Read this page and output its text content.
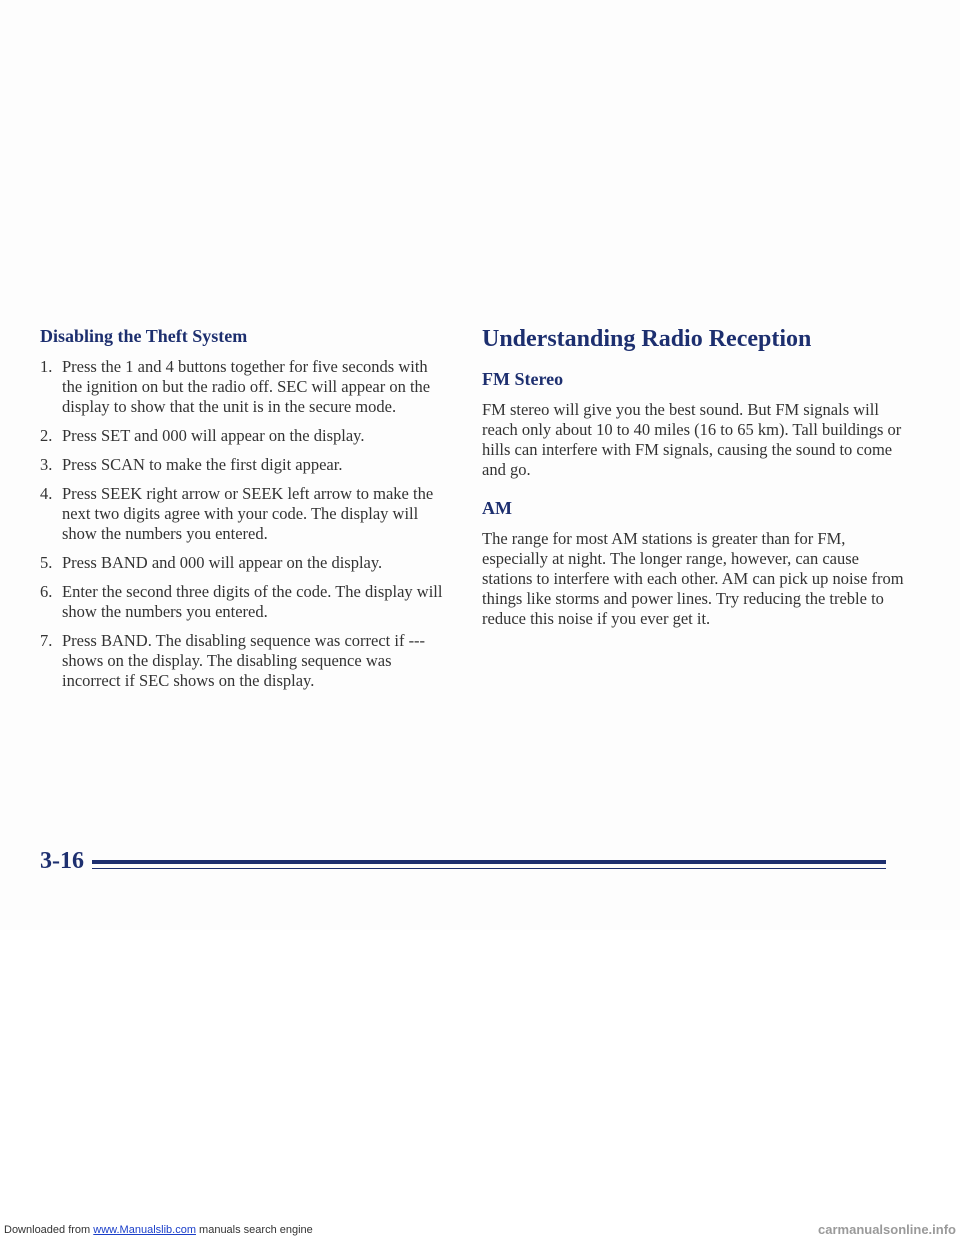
Disabling the Theft System
1. Press the 1 and 4 buttons together for five seconds with the ignition on but the radio off. SEC will appear on the display to show that the unit is in the secure mode.
2. Press SET and 000 will appear on the display.
3. Press SCAN to make the first digit appear.
4. Press SEEK right arrow or SEEK left arrow to make the next two digits agree with your code. The display will show the numbers you entered.
5. Press BAND and 000 will appear on the display.
6. Enter the second three digits of the code. The display will show the numbers you entered.
7. Press BAND. The disabling sequence was correct if --- shows on the display. The disabling sequence was incorrect if SEC shows on the display.
Understanding Radio Reception
FM Stereo

FM stereo will give you the best sound. But FM signals will reach only about 10 to 40 miles (16 to 65 km). Tall buildings or hills can interfere with FM signals, causing the sound to come and go.

AM

The range for most AM stations is greater than for FM, especially at night. The longer range, however, can cause stations to interfere with each other. AM can pick up noise from things like storms and power lines. Try reducing the treble to reduce this noise if you ever get it.

3-16
Downloaded from www.Manualslib.com manuals search engine	carmanualsonline.info
